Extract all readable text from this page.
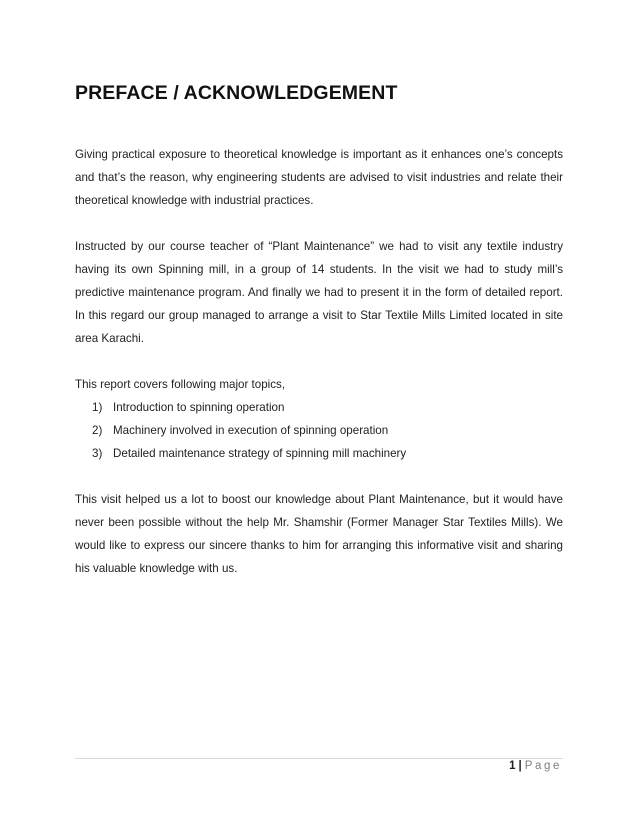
PREFACE / ACKNOWLEDGEMENT

Giving practical exposure to theoretical knowledge is important as it enhances one’s concepts and that’s the reason, why engineering students are advised to visit industries and relate their theoretical knowledge with industrial practices.

Instructed by our course teacher of “Plant Maintenance” we had to visit any textile industry having its own Spinning mill, in a group of 14 students. In the visit we had to study mill’s predictive maintenance program. And finally we had to present it in the form of detailed report. In this regard our group managed to arrange a visit to Star Textile Mills Limited located in site area Karachi.

This report covers following major topics,

1) Introduction to spinning operation
2) Machinery involved in execution of spinning operation
3) Detailed maintenance strategy of spinning mill machinery

This visit helped us a lot to boost our knowledge about Plant Maintenance, but it would have never been possible without the help Mr. Shamshir (Former Manager Star Textiles Mills). We would like to express our sincere thanks to him for arranging this informative visit and sharing his valuable knowledge with us.

1 | Page
